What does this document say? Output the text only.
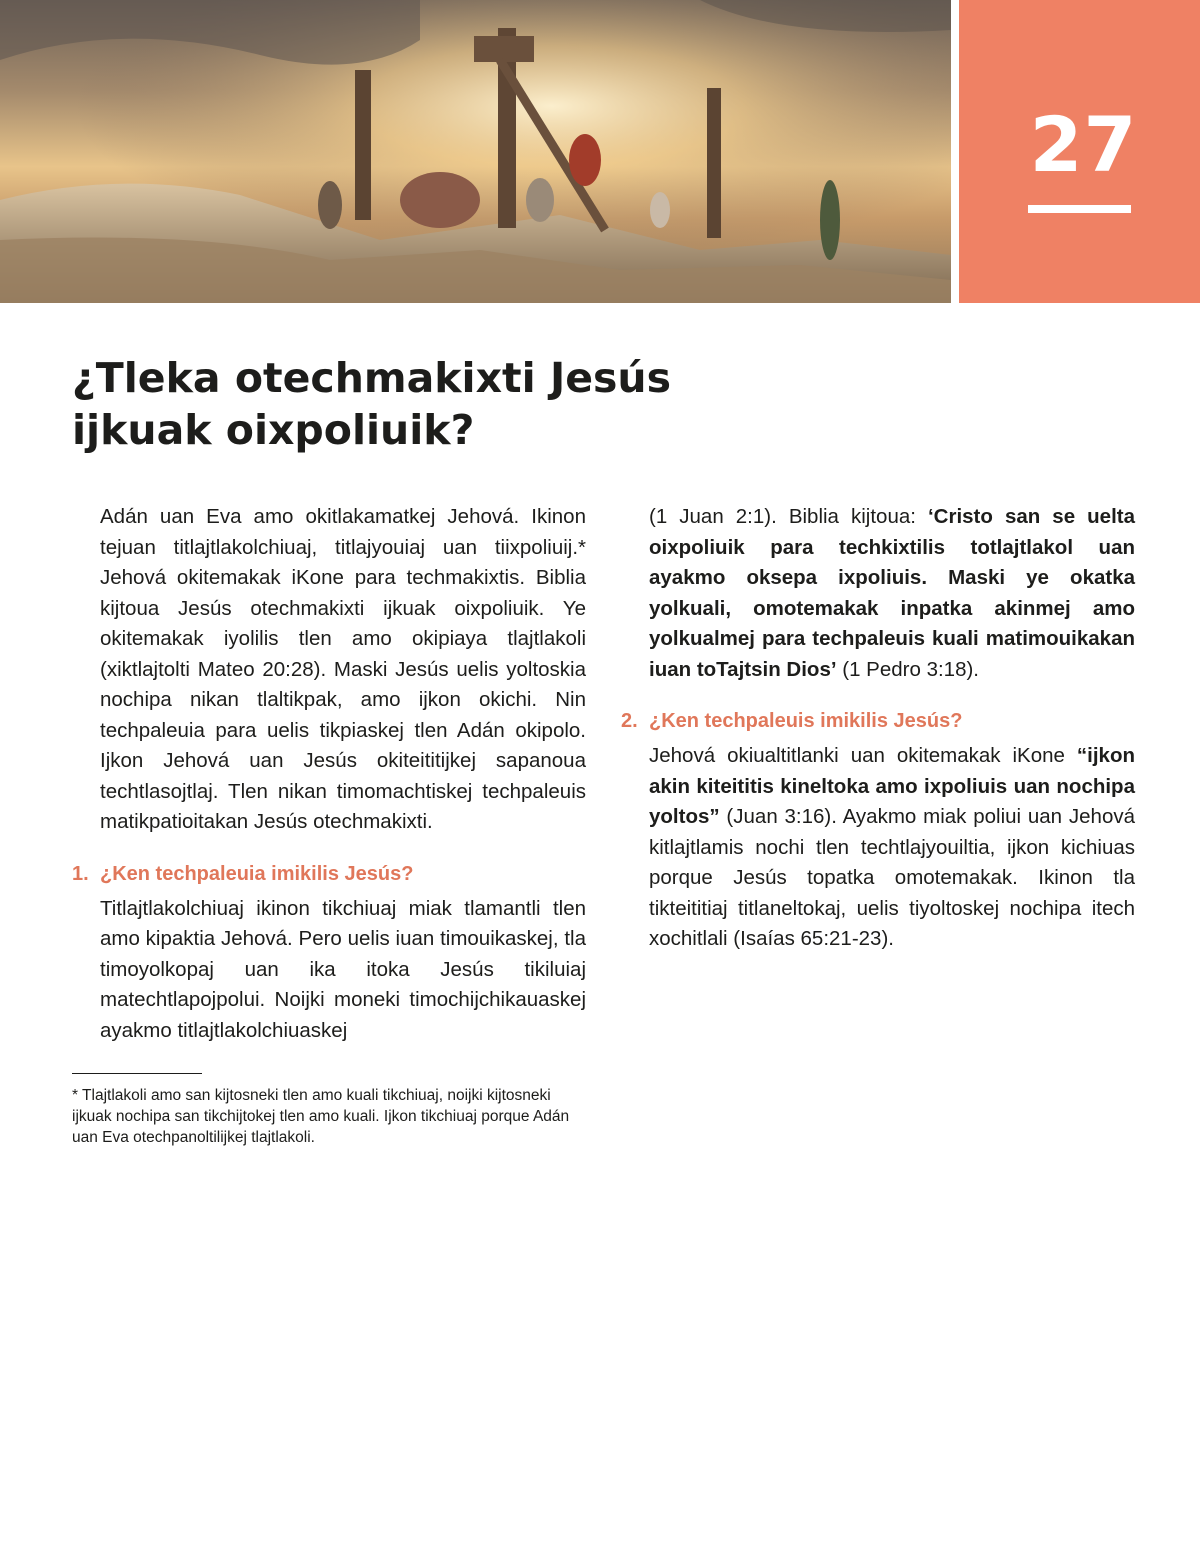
27
¿Tleka otechmakixti Jesús
ijkuak oixpoliuik?

Adán uan Eva amo okitlakamatkej Jehová. Ikinon tejuan titlajtlakolchiuaj, titlajyouiaj uan tiixpoliuij.* Jehová okitemakak iKone para techmakixtis. Biblia kijtoua Jesús otechmakixti ijkuak oixpoliuik. Ye okitemakak iyolilis tlen amo okipiaya tlajtlakoli (xiktlajtolti Mateo 20:28). Maski Jesús uelis yoltoskia nochipa nikan tlaltikpak, amo ijkon okichi. Nin techpaleuia para uelis tikpiaskej tlen Adán okipolo. Ijkon Jehová uan Jesús okiteititijkej sapanoua techtlasojtlaj. Tlen nikan timomachtiskej techpaleuis matikpatioitakan Jesús otechmakixti.

1. ¿Ken techpaleuia imikilis Jesús?

Titlajtlakolchiuaj ikinon tikchiuaj miak tlamantli tlen amo kipaktia Jehová. Pero uelis iuan timouikaskej, tla timoyolkopaj uan ika itoka Jesús tikiluiaj matechtlapojpolui. Noijki moneki timochijchikauaskej ayakmo titlajtlakolchiuaskej

* Tlajtlakoli amo san kijtosneki tlen amo kuali tikchiuaj, noijki kijtosneki ijkuak nochipa san tikchijtokej tlen amo kuali. Ijkon tikchiuaj porque Adán uan Eva otechpanoltilijkej tlajtlakoli.

(1 Juan 2:1). Biblia kijtoua: ‘Cristo san se uelta oixpoliuik para techkixtilis totlajtlakol uan ayakmo oksepa ixpoliuis. Maski ye okatka yolkuali, omotemakak inpatka akinmej amo yolkualmej para techpaleuis kuali matimouikakan iuan toTajtsin Dios’ (1 Pedro 3:18).

2. ¿Ken techpaleuis imikilis Jesús?

Jehová okiualtitlanki uan okitemakak iKone “ijkon akin kiteititis kineltoka amo ixpoliuis uan nochipa yoltos” (Juan 3:16). Ayakmo miak poliui uan Jehová kitlajtlamis nochi tlen techtlajyouiltia, ijkon kichiuas porque Jesús topatka omotemakak. Ikinon tla tikteititiaj titlaneltokaj, uelis tiyoltoskej nochipa itech xochitlali (Isaías 65:21-23).
